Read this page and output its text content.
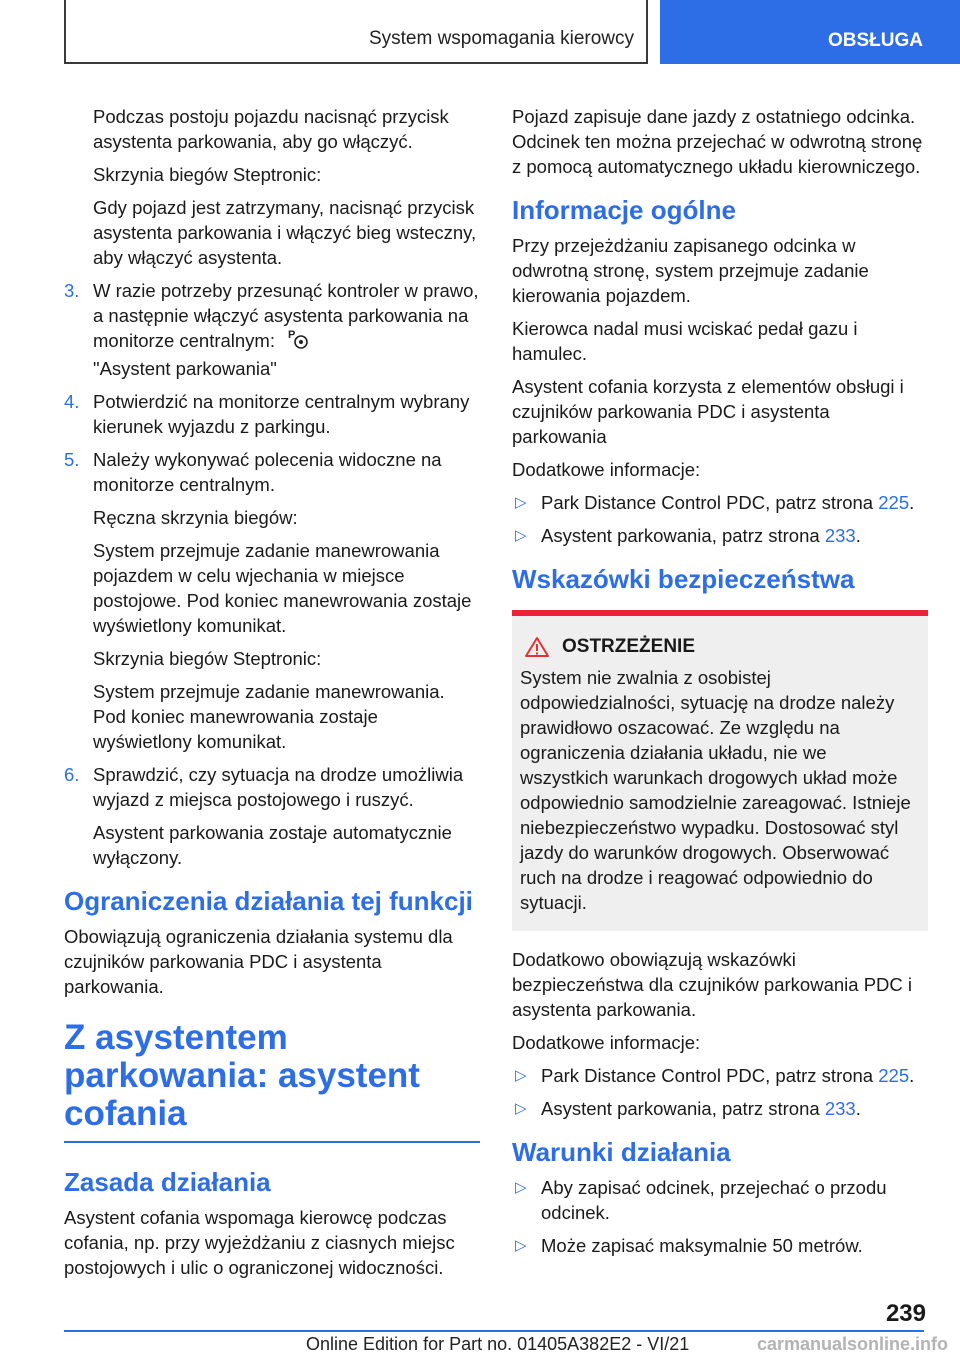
System wspomagania kierowcy	OBSŁUGA

Podczas postoju pojazdu nacisnąć przycisk asystenta parkowania, aby go włączyć.

Skrzynia biegów Steptronic:

Gdy pojazd jest zatrzymany, nacisnąć przycisk asystenta parkowania i włączyć bieg wsteczny, aby włączyć asystenta.

3. W razie potrzeby przesunąć kontroler w prawo, a następnie włączyć asystenta parkowania na monitorze centralnym: P

"Asystent parkowania"
4. Potwierdzić na monitorze centralnym wybrany kierunek wyjazdu z parkingu.
5. Należy wykonywać polecenia widoczne na monitorze centralnym.

Ręczna skrzynia biegów:

System przejmuje zadanie manewrowania pojazdem w celu wjechania w miejsce postojowe. Pod koniec manewrowania zostaje wyświetlony komunikat.

Skrzynia biegów Steptronic:

System przejmuje zadanie manewrowania. Pod koniec manewrowania zostaje wyświetlony komunikat.

6. Sprawdzić, czy sytuacja na drodze umożliwia wyjazd z miejsca postojowego i ruszyć.

Asystent parkowania zostaje automatycznie wyłączony.

Ograniczenia działania tej funkcji

Obowiązują ograniczenia działania systemu dla czujników parkowania PDC i asystenta parkowania.

Z asystentem parkowania: asystent cofania
Zasada działania

Asystent cofania wspomaga kierowcę podczas cofania, np. przy wyjeżdżaniu z ciasnych miejsc postojowych i ulic o ograniczonej widoczności.

Pojazd zapisuje dane jazdy z ostatniego odcinka. Odcinek ten można przejechać w odwrotną stronę z pomocą automatycznego układu kierowniczego.

Informacje ogólne

Przy przejeżdżaniu zapisanego odcinka w odwrotną stronę, system przejmuje zadanie kierowania pojazdem.

Kierowca nadal musi wciskać pedał gazu i hamulec.

Asystent cofania korzysta z elementów obsługi i czujników parkowania PDC i asystenta parkowania

Dodatkowe informacje:

▷ Park Distance Control PDC, patrz strona 225.
▷ Asystent parkowania, patrz strona 233.
Wskazówki bezpieczeństwa
OSTRZEŻENIE
System nie zwalnia z osobistej odpowiedzialności, sytuację na drodze należy prawidłowo oszacować. Ze względu na ograniczenia działania układu, nie we wszystkich warunkach drogowych układ może odpowiednio samodzielnie zareagować. Istnieje niebezpieczeństwo wypadku. Dostosować styl jazdy do warunków drogowych. Obserwować ruch na drodze i reagować odpowiednio do sytuacji.

Dodatkowo obowiązują wskazówki bezpieczeństwa dla czujników parkowania PDC i asystenta parkowania.

Dodatkowe informacje:

▷ Park Distance Control PDC, patrz strona 225.
▷ Asystent parkowania, patrz strona 233.
Warunki działania
▷ Aby zapisać odcinek, przejechać o przodu odcinek.
▷ Może zapisać maksymalnie 50 metrów.
239
Online Edition for Part no. 01405A382E2 - VI/21	carmanualsonline.info
